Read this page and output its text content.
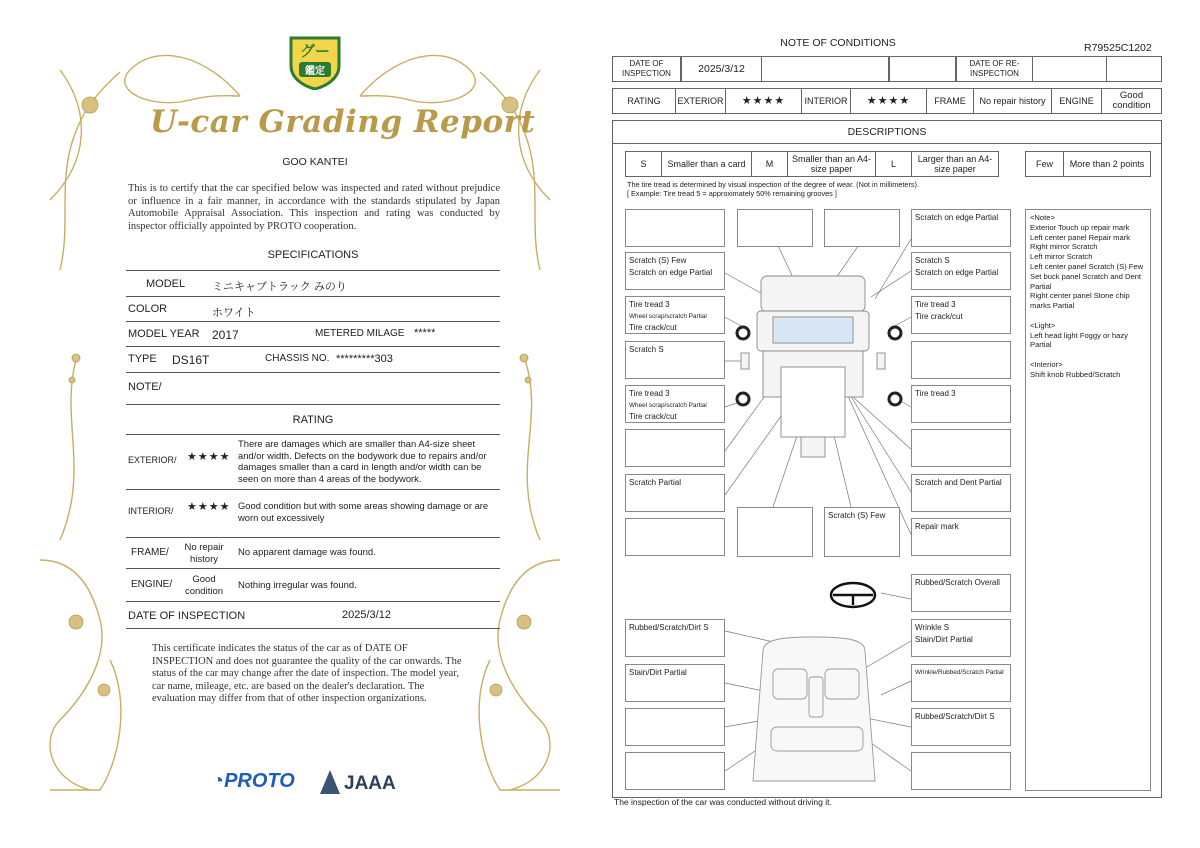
グー
鑑定
U-car Grading Report
GOO KANTEI
This is to certify that the car specified below was inspected and rated without prejudice or influence in a fair manner, in accordance with the standards stipulated by Japan Automobile Appraisal Association. This inspection and rating was conducted by inspector officially appointed by PROTO cooperation.
SPECIFICATIONS
MODEL ミニキャブトラック みのり
COLOR	ホワイト
MODEL YEAR 2017	METERED MILAGE *****
TYPE DS16T	CHASSIS NO. *********303
NOTE/
RATING
EXTERIOR/ ★★★★
There are damages which are smaller than A4-size sheet and/or width. Defects on the bodywork due to repairs and/or damages smaller than a card in length and/or width can be seen on more than 4 areas of the bodywork.
INTERIOR/ ★★★★ Good condition but with some areas showing damage or are worn out excessively
FRAME/	No repair history
No apparent damage was found.
ENGINE/	Good condition	Nothing irregular was found.
DATE OF INSPECTION	2025/3/12
This certificate indicates the status of the car as of DATE OF INSPECTION and does not guarantee the quality of the car onwards. The status of the car may change after the date of inspection. The model year, car name, mileage, etc. are based on the dealer's declaration. The evaluation may differ from that of other inspection organizations.
◔PROTO	JAAA
NOTE OF CONDITIONS	R79525C1202
DATE OF INSPECTION	2025/3/12	DATE OF RE-INSPECTION
RATING	EXTERIOR	★★★★	INTERIOR	★★★★	FRAME	No repair history	ENGINE	Good condition
DESCRIPTIONS
S	Smaller than a card	M	Smaller than an A4-size paper	L	Larger than an A4-size paper	Few	More than 2 points
The tire tread is determined by visual inspection of the degree of wear. (Not in millimeters).
[ Example: Tire tread 5 = approximately 50% remaining grooves ]
Scratch (S) Few
Scratch on edge Partial
Tire tread 3
Wheel scrap/scratch Partial
Tire crack/cut
Scratch S
Tire tread 3
Wheel scrap/scratch Partial
Tire crack/cut
Scratch Partial
Rubbed/Scratch/Dirt S
Stain/Dirt Partial
Scratch (S) Few
Scratch on edge Partial
Scratch S
Scratch on edge Partial
Tire tread 3
Tire crack/cut
Tire tread 3
Scratch and Dent Partial
Repair mark
Rubbed/Scratch Overall
Wrinkle S
Stain/Dirt Partial
Wrinkle/Rubbed/Scratch Partial
Rubbed/Scratch/Dirt S
<Note>
Exterior Touch up repair mark
Left center panel Repair mark
Right mirror Scratch
Left mirror Scratch
Left center panel Scratch (S) Few
Set buck panel Scratch and Dent Partial
Right center panel Stone chip marks Partial
<Light>
Left head light Foggy or hazy Partial
<Interior>
Shift knob Rubbed/Scratch
The inspection of the car was conducted without driving it.
